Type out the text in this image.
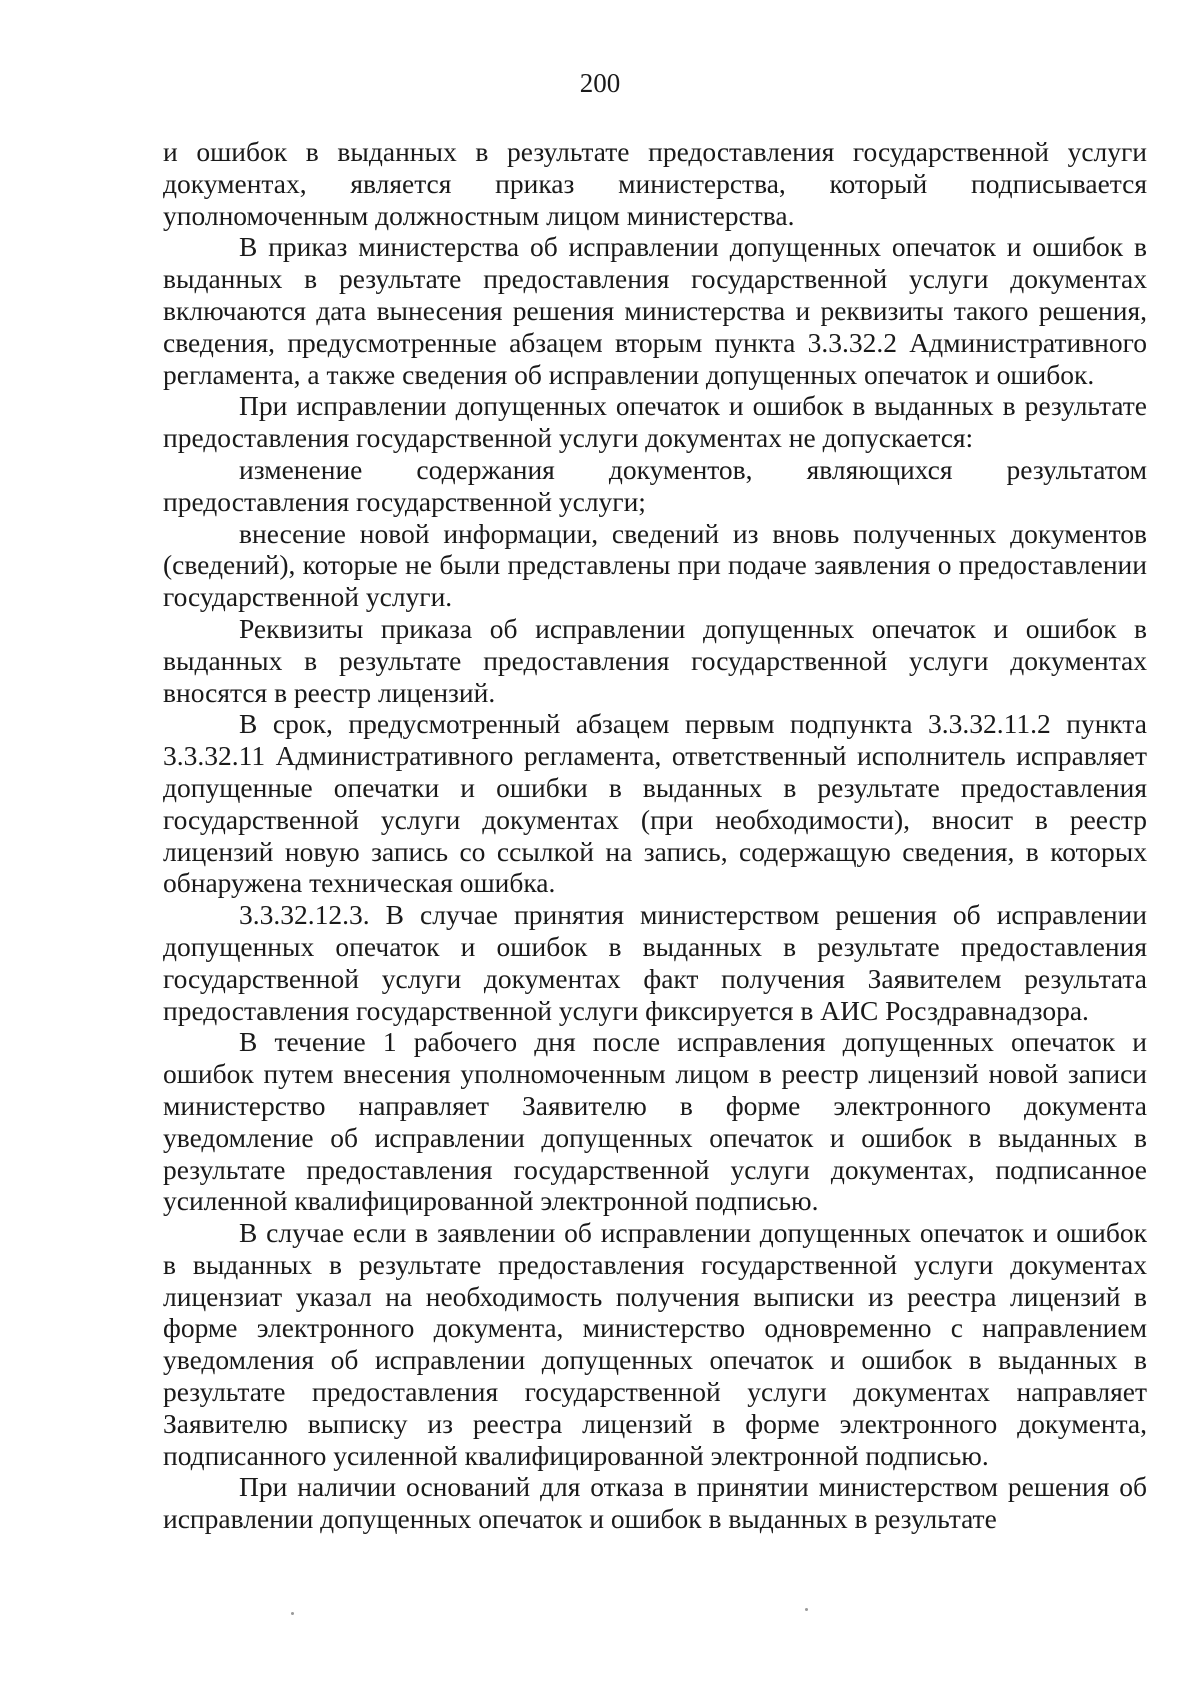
200

и ошибок в выданных в результате предоставления государственной услуги документах, является приказ министерства, который подписывается уполномоченным должностным лицом министерства.

В приказ министерства об исправлении допущенных опечаток и ошибок в выданных в результате предоставления государственной услуги документах включаются дата вынесения решения министерства и реквизиты такого решения, сведения, предусмотренные абзацем вторым пункта 3.3.32.2 Административного регламента, а также сведения об исправлении допущенных опечаток и ошибок.

При исправлении допущенных опечаток и ошибок в выданных в результате предоставления государственной услуги документах не допускается:

изменение содержания документов, являющихся результатом предоставления государственной услуги;

внесение новой информации, сведений из вновь полученных документов (сведений), которые не были представлены при подаче заявления о предоставлении государственной услуги.

Реквизиты приказа об исправлении допущенных опечаток и ошибок в выданных в результате предоставления государственной услуги документах вносятся в реестр лицензий.

В срок, предусмотренный абзацем первым подпункта 3.3.32.11.2 пункта 3.3.32.11 Административного регламента, ответственный исполнитель исправляет допущенные опечатки и ошибки в выданных в результате предоставления государственной услуги документах (при необходимости), вносит в реестр лицензий новую запись со ссылкой на запись, содержащую сведения, в которых обнаружена техническая ошибка.

3.3.32.12.3. В случае принятия министерством решения об исправлении допущенных опечаток и ошибок в выданных в результате предоставления государственной услуги документах факт получения Заявителем результата предоставления государственной услуги фиксируется в АИС Росздравнадзора.

В течение 1 рабочего дня после исправления допущенных опечаток и ошибок путем внесения уполномоченным лицом в реестр лицензий новой записи министерство направляет Заявителю в форме электронного документа уведомление об исправлении допущенных опечаток и ошибок в выданных в результате предоставления государственной услуги документах, подписанное усиленной квалифицированной электронной подписью.

В случае если в заявлении об исправлении допущенных опечаток и ошибок в выданных в результате предоставления государственной услуги документах лицензиат указал на необходимость получения выписки из реестра лицензий в форме электронного документа, министерство одновременно с направлением уведомления об исправлении допущенных опечаток и ошибок в выданных в результате предоставления государственной услуги документах направляет Заявителю выписку из реестра лицензий в форме электронного документа, подписанного усиленной квалифицированной электронной подписью.

При наличии оснований для отказа в принятии министерством решения об исправлении допущенных опечаток и ошибок в выданных в результате
